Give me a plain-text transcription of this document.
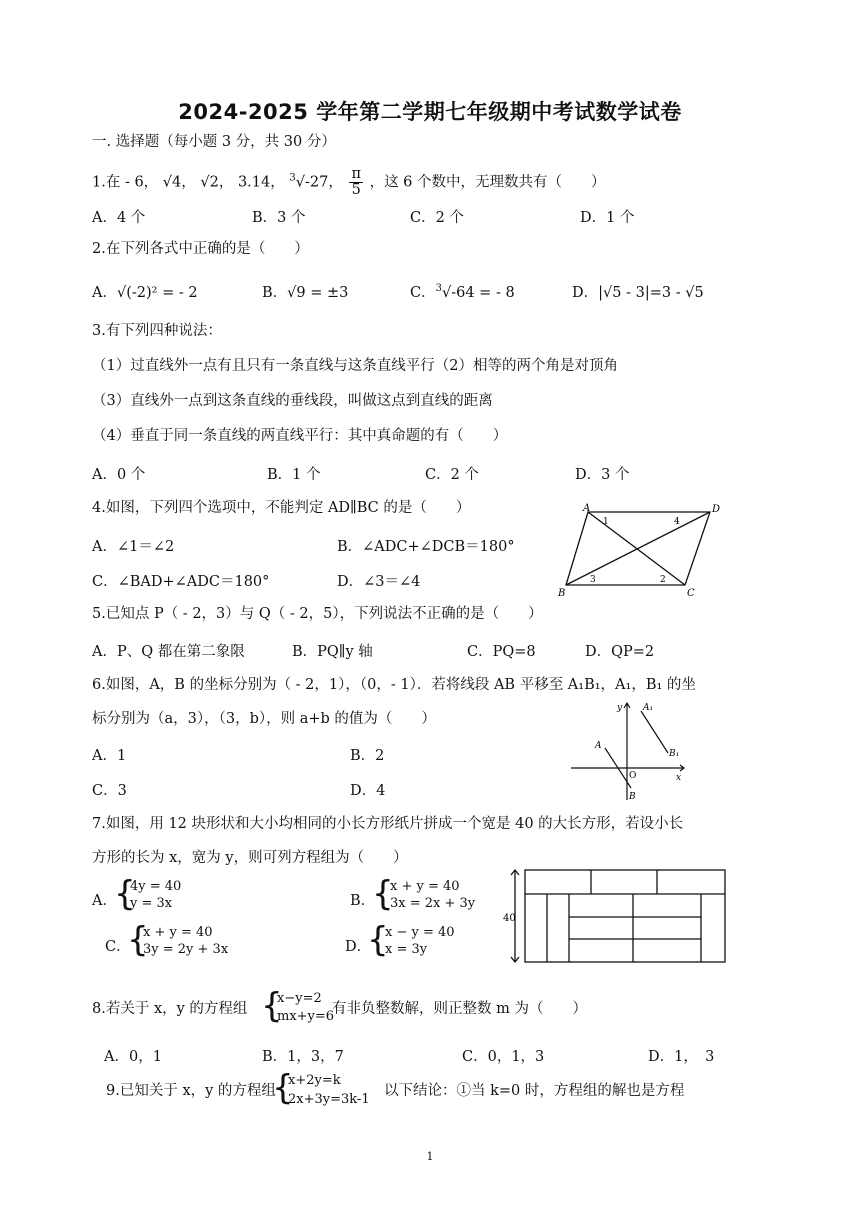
2024-2025 学年第二学期七年级期中考试数学试卷
一. 选择题（每小题 3 分，共 30 分）
1.在 - 6， √4， √2， 3.14， $^3$√-27， $\frac{\pi}{5}$ ，这 6 个数中，无理数共有（　　）
A．4 个	B．3 个	C．2 个	D．1 个
2.在下列各式中正确的是（　　）
A．√(-2)² = - 2	B．√9 = ±3	C．$^3$√-64 = - 8	D．|√5 - 3|=3 - √5
3.有下列四种说法：
（1）过直线外一点有且只有一条直线与这条直线平行（2）相等的两个角是对顶角
（3）直线外一点到这条直线的垂线段，叫做这点到直线的距离
（4）垂直于同一条直线的两直线平行：其中真命题的有（　　）
A．0 个	B．1 个	C．2 个	D．3 个
4.如图，下列四个选项中，不能判定 AD∥BC 的是（　　）
A．∠1＝∠2	B．∠ADC+∠DCB＝180°
C．∠BAD+∠ADC＝180°	D．∠3＝∠4
A	D
B	C
1	4
3	2
5.已知点 P（ - 2，3）与 Q（ - 2，5），下列说法不正确的是（　　）
A．P、Q 都在第二象限	B．PQ∥y 轴	C．PQ=8	D．QP=2
6.如图，A，B 的坐标分别为（ - 2，1），（0，- 1）．若将线段 AB 平移至 A₁B₁，A₁，B₁ 的坐
标分别为（a，3），（3，b），则 a+b 的值为（　　）
A．1	B．2
C．3	D．4
y
x
O
A
B
A₁
B₁
7.如图，用 12 块形状和大小均相同的小长方形纸片拼成一个宽是 40 的大长方形，若设小长
方形的长为 x，宽为 y，则可列方程组为（　　）
A．
{
4y = 40
y = 3x	B．
{
x + y = 40
3x = 2x + 3y
C．
{
x + y = 40
3y = 2y + 3x	D．
{
x − y = 40
x = 3y
40
8.若关于 x，y 的方程组 {
x−y=2
mx+y=6
有非负整数解，则正整数 m 为（　　）
A．0，1	B．1，3，7	C．0，1，3	D．1，　3
9.已知关于 x，y 的方程组
{
x+2y=k
2x+3y=3k-1
以下结论：①当 k=0 时，方程组的解也是方程
1
